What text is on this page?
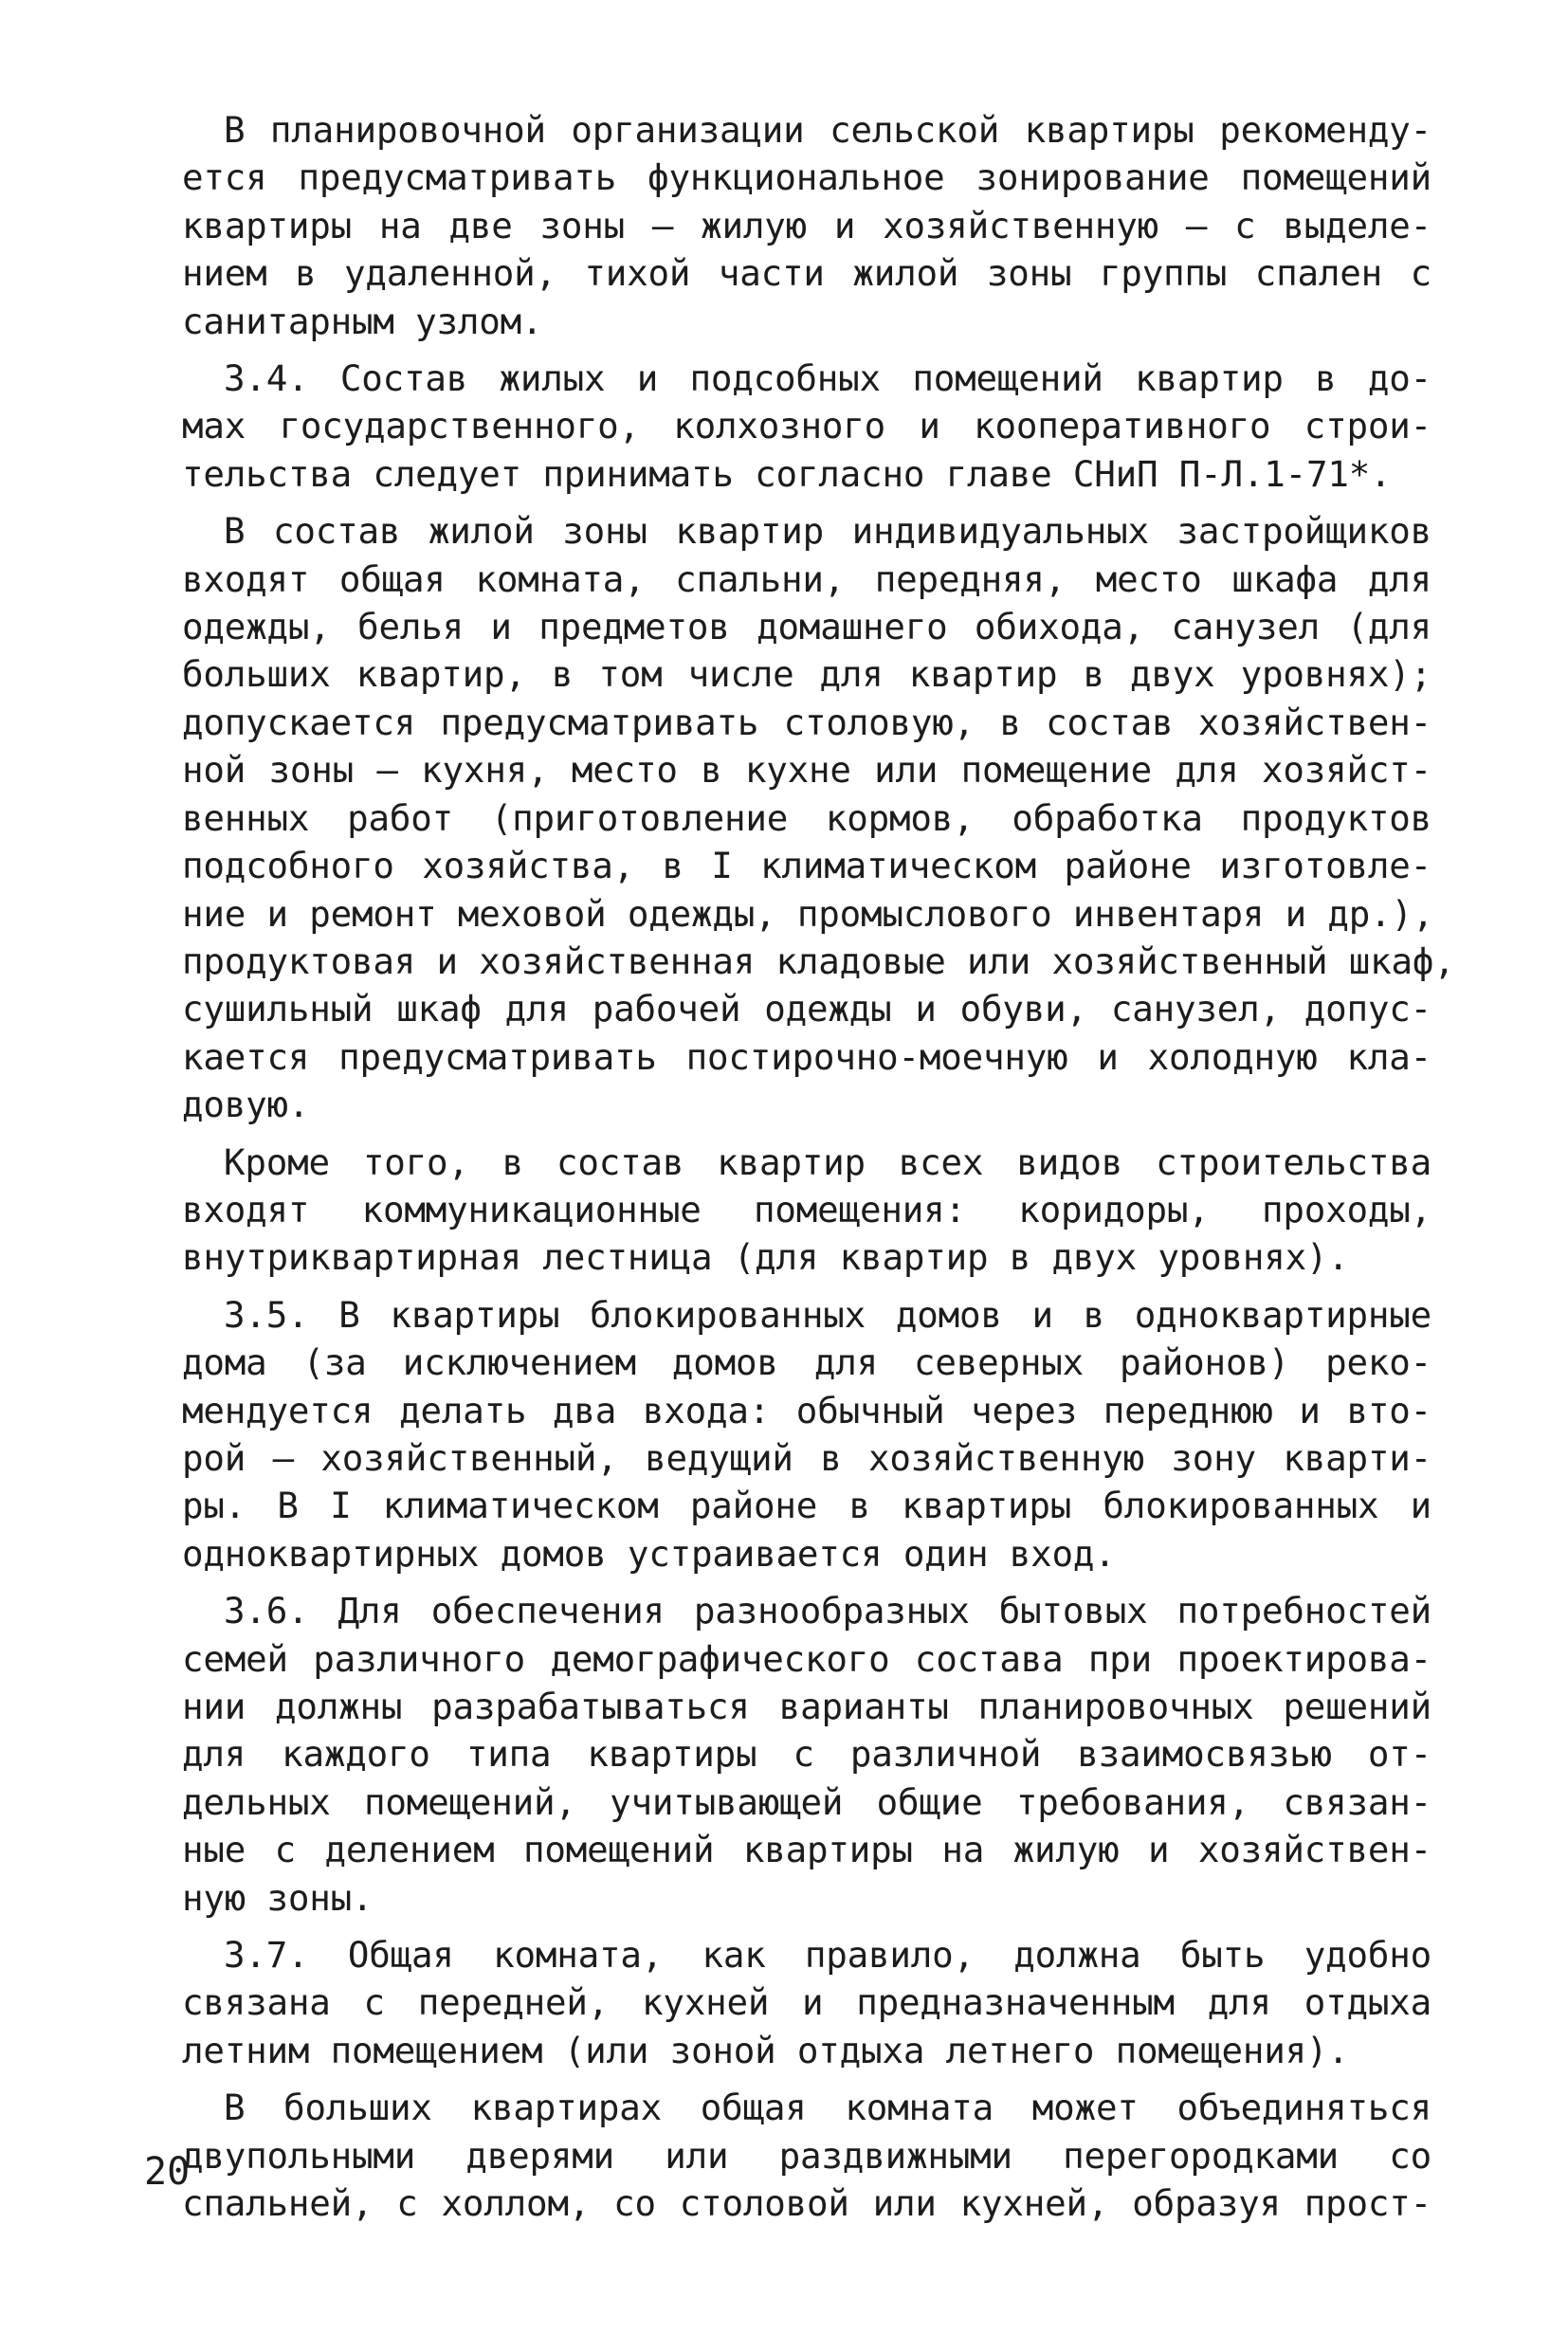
В планировочной организации сельской квартиры рекоменду-
ется предусматривать функциональное зонирование помещений
квартиры на две зоны – жилую и хозяйственную – с выделе-
нием в удаленной, тихой части жилой зоны группы спален с
санитарным узлом.
3.4. Состав жилых и подсобных помещений квартир в до-
мах государственного, колхозного и кооперативного строи-
тельства следует принимать согласно главе СНиП П-Л.1-71*.
В состав жилой зоны квартир индивидуальных застройщиков
входят общая комната, спальни, передняя, место шкафа для
одежды, белья и предметов домашнего обихода, санузел (для
больших квартир, в том числе для квартир в двух уровнях);
допускается предусматривать столовую, в состав хозяйствен-
ной зоны – кухня, место в кухне или помещение для хозяйст-
венных работ (приготовление кормов, обработка продуктов
подсобного хозяйства, в I климатическом районе изготовле-
ние и ремонт меховой одежды, промыслового инвентаря и др.),
продуктовая и хозяйственная кладовые или хозяйственный шкаф,
сушильный шкаф для рабочей одежды и обуви, санузел, допус-
кается предусматривать постирочно-моечную и холодную кла-
довую.
Кроме того, в состав квартир всех видов строительства
входят коммуникационные помещения: коридоры, проходы,
внутриквартирная лестница (для квартир в двух уровнях).
3.5. В квартиры блокированных домов и в одноквартирные
дома (за исключением домов для северных районов) реко-
мендуется делать два входа: обычный через переднюю и вто-
рой – хозяйственный, ведущий в хозяйственную зону кварти-
ры. В I климатическом районе в квартиры блокированных и
одноквартирных домов устраивается один вход.
3.6. Для обеспечения разнообразных бытовых потребностей
семей различного демографического состава при проектирова-
нии должны разрабатываться варианты планировочных решений
для каждого типа квартиры с различной взаимосвязью от-
дельных помещений, учитывающей общие требования, связан-
ные с делением помещений квартиры на жилую и хозяйствен-
ную зоны.
3.7. Общая комната, как правило, должна быть удобно
связана с передней, кухней и предназначенным для отдыха
летним помещением (или зоной отдыха летнего помещения).
В больших квартирах общая комната может объединяться
двупольными дверями или раздвижными перегородками со
спальней, с холлом, со столовой или кухней, образуя прост-
20
